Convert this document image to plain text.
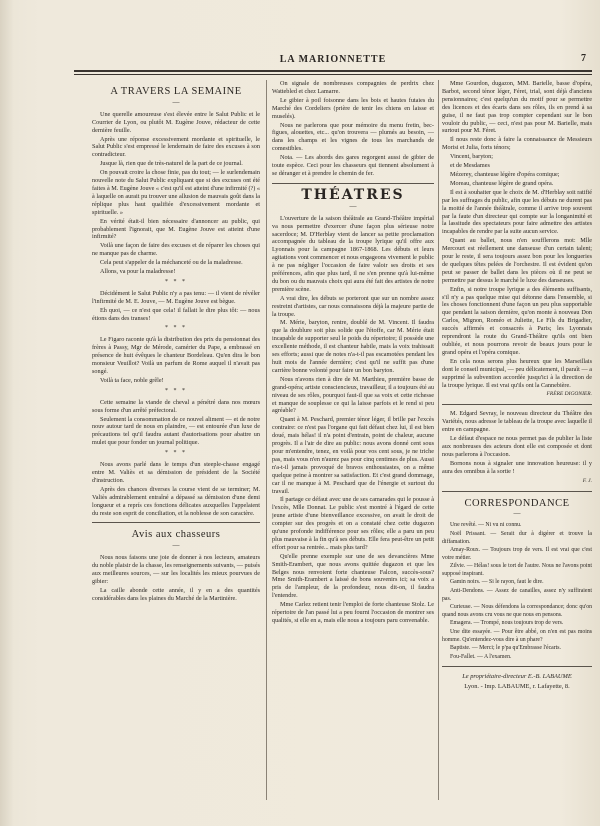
LA MARIONNETTE	7
A TRAVERS LA SEMAINE
—

Une querelle amoureuse s'est élevée entre le Salut Public et le Courrier de Lyon, ou plutôt M. Eugène Jouve, rédacteur de cette dernière feuille.

Après une réponse excessivement mordante et spirituelle, le Salut Public s'est empressé le lendemain de faire des excuses à son contradicteur.

Jusque là, rien que de très-naturel de la part de ce journal.

On pouvait croire la chose finie, pas du tout; — le surlendemain nouvelle note du Salut Public expliquant que si des excuses ont été faites à M. Eugène Jouve « c'est qu'il est atteint d'une infirmité (?) « à laquelle on aurait pu trouver une allusion de mauvais goût dans la réplique plus haut qualifiée d'excessivement mordante et spirituelle. »

En vérité était-il bien nécessaire d'annoncer au public, qui probablement l'ignorait, que M. Eugène Jouve est atteint d'une infirmité?

Voilà une façon de faire des excuses et de réparer les choses qui ne manque pas de charme.

Cela peut s'appeler de la méchanceté ou de la maladresse.

Allons, va pour la maladresse!

* * *

Décidément le Salut Public n'y a pas tenu: — il vient de révéler l'infirmité de M. E. Jouve, — M. Eugène Jouve est bègue.

Eh quoi, — ce n'est que cela! il fallait le dire plus tôt: — nous étions dans des transes!

* * *

Le Figaro raconte qu'à la distribution des prix du pensionnat des frères à Passy, Mgr de Mérode, camérier du Pape, a embrassé en présence de huit évêques le chanteur Bordeleau. Qu'en dira le bon monsieur Veuillot? Voilà un parfum de Rome auquel il n'avait pas songé.

Voilà ta face, noble grêle!

* * *

Cette semaine la viande de cheval a pénétré dans nos mœurs sous forme d'un arrêté préfectoral.

Seulement la consommation de ce nouvel aliment — et de notre nouv autour tard de nous en plaindre, — est entourée d'un luxe de précautions tel qu'il faudra autant d'autorisations pour abattre un mulet que pour fonder un journal politique.

* * *

Nous avons parlé dans le temps d'un steeple-chasse engagé entre M. Valiès et sa démission de président de la Société d'instruction.

Après des chances diverses la course vient de se terminer; M. Valiès admirablement entraîné a dépassé sa démission d'une demi longueur et a reprís ces fonctions délicates auxquelles l'appelaient du reste son esprit de conciliation, et la noblesse de son caractère.

Avis aux chasseurs
—

Nous nous faisons une joie de donner à nos lecteurs, amateurs du noble plaisir de la chasse, les renseignements suivants, — puisés aux meilleures sources, — sur les localités les mieux pourvues de gibier:

La caille abonde cette année, il y en a des quantités considérables dans les plaines du Marché de la Martinière.

On signale de nombreuses compagnies de perdrix chez Wattebled et chez Lamarre.

Le gibier à poil foisonne dans les bois et hautes futaies du Marché des Cordeliers (prière de tenir les chiens en laisse et muselés).

Nous ne parlerons que pour mémoire du menu fretin, bec-figues, alouettes, etc... qu'on trouvera — plumés au besoin, — dans les champs et les vignes de tous les marchands de comestibles.

Nota. — Les abords des gares regorgent aussi de gibier de toute espèce. Ceci pour les chasseurs qui tiennent absolument à se déranger et à prendre le chemin de fer.

THÉATRES
—

L'ouverture de la saison théâtrale au Grand-Théâtre impérial va nous permettre d'exercer d'une façon plus sérieuse notre sacerdoce; M. D'Herblay vient de lancer sa petite proclamation accompagnée du tableau de la troupe lyrique qu'il offre aux Lyonnais pour la campagne 1867-1868. Les débuts et leurs agitations vont commencer et nous engageons vivement le public à ne pas négliger l'occasion de faire valoir ses droits et ses préférences, afin que plus tard, il ne s'en prenne qu'à lui-même du bon ou du mauvais choix qui aura été fait des artistes de notre première scène.

A vrai dire, les débuts se porteront que sur un nombre assez restreint d'artistes, car nous connaissons déjà la majeure partie de la troupe.

M. Mérie, baryton, rentre, doublé de M. Vincent. Il faudra que la doublure soit plus solide que l'étoffe, car M. Mérie était incapable de supporter seul le poids du répertoire; il possède une excellente méthode, il est chanteur habile, mais la voix trahissait ses efforts; aussi que de notes n'a-t-il pas escamotées pendant les huit mois de l'année dernière; c'est qu'il ne suffit pas d'une carrière bonne volonté pour faire un bon baryton.

Nous n'avons rien à dire de M. Marthieu, première basse de grand-opéra; artiste consciencieux, travailleur, il a toujours été au niveau de ses rôles, pourquoi faut-il que sa voix et cette richesse et manque de souplesse ce qui la laisse parfois et le rend si peu agréable?

Quant à M. Peschard, premier ténor léger, il brille par l'excès contraire: ce n'est pas l'organe qui fait défaut chez lui, il est bien doué, mais hélas! il n'a point d'entrain, point de chaleur, aucune progrès. Il a l'air de dire au public: nous avons donné cent sous pour m'entendre, tenez, en voilà pour vos cent sous, je ne triche pas, mais vous n'en n'aurez pas pour cinq centimes de plus. Aussi n'a-t-il jamais provoqué de bravos enthousiastes, on a même quelque peine à montrer sa satisfaction. Et c'est grand dommage, car il ne manque à M. Peschard que de l'énergie et surtout du travail.

Il partage ce défaut avec une de ses camarades qui le pousse à l'excès, Mlle Donnat. Le public s'est montré à l'égard de cette jeune artiste d'une bienveillance excessive, on avait le droit de compter sur des progrès et on a constaté chez cette dugazon qu'une profonde indifférence pour ses rôles; elle a paru un peu plus mauvaise à la fin qu'à ses débuts. Elle fera peut-être un petit effort pour sa rentrée... mais plus tard?

Qu'elle prenne exemple sur une de ses devancières Mme Smith-Erambert, que nous avons quittée dugazon et que les Belges nous renvoient forte chanteuse Falcon, succès-sous? Mme Smith-Erambert a laissé de bons souvenirs ici; sa voix a pris de l'ampleur, de la profondeur, nous dit-on, il faudra l'entendre.

Mme Carlez retient tenir l'emploi de forte chanteuse Stolz. Le répertoire de l'an passé lui a peu fourni l'occasion de montrer ses qualités, si elle en a, mais elle nous a toujours paru convenable.

Mme Gourdon, dugazon, MM. Barielle, basse d'opéra, Barbot, second ténor léger, Féret, trial, sont déjà d'anciens pensionnaires; c'est quelqu'un du motif pour se permettre des licences et des écarts dans ses rôles, ils en prend à sa guise, il ne faut pas trop compter cependant sur le bon vouloir du public, — ceci, n'est pas pour M. Barielle, mais surtout pour M. Féret.

Il nous reste donc à faire la connaissance de Messieurs Morisi et Julia, forts ténors;

Vincent, baryton;

et de Mesdames

Mézerey, chanteuse légère d'opéra comique;

Moreau, chanteuse légère de grand opéra.

Il est à souhaiter que le choix de M. d'Herblay soit ratifié par les suffrages du public, afin que les débuts ne durent pas la moitié de l'année théâtrale, comme il arrive trop souvent par la faute d'un directeur qui compte sur la longanimité et la lassitude des spectateurs pour faire admettre des artistes incapables de rendre par la suite aucun service.

Quant au ballet, nous n'en soufflerons mot: Mlle Mercourt est réellement une danseuse d'un certain talent; pour le reste, il sera toujours assez bon pour les longueries de quelques têtes pelées de l'orchestre. Il est évident qu'on peut se passer de ballet dans les pièces où il ne peut se permettre par dessus le marché le luxe des danseuses.

Enfin, si notre troupe lyrique a des éléments suffisants, s'il n'y a pas quelque mise qui détonne dans l'ensemble, si les choses fonctionnent d'une façon un peu plus supportable que pendant la saison dernière, qu'on monte à nouveau Don Carlos, Mignon, Roméo et Juliette, Le Fils du Brigadier, succès affirmés et consacrés à Paris; les Lyonnais reprendront la route du Grand-Théâtre qu'ils ont bien oubliée, et nous pourrons revoir de beaux jours pour le grand opéra et l'opéra comique.

En cela nous serons plus heureux que les Marseillais dont le conseil municipal, — peu délicatement, il paraît — a supprimé la subvention accordée jusqu'ici à la direction de la troupe lyrique. Il est vrai qu'ils ont la Cannebière.

FRÈRE DIGONIER.

M. Edgard Sevray, le nouveau directeur du Théâtre des Variétés, nous adresse le tableau de la troupe avec laquelle il entre en campagne.

Le défaut d'espace ne nous permet pas de publier la liste aux nonbreuses des acteurs dont elle est composée et dont nous parlerons à l'occasion.

Bornons nous à signaler une innovation heureuse: il y aura des omnibus à la sortie !

F. J.
CORRESPONDANCE
—
Une revêté. — Ni vu ni connu.
Noël Prissant. — Serait dur à digérer et trouve la diffamation.
Amay-Roux. — Toujours trop de vers. Il est vrai que c'est votre métier.
Zilvie. — Hélas! sous le tort de l'autre. Nous ne l'avons point supposé inspirant.
Gamin noirs. — Si le rayon, faut le dire.
Anti-Dendons. — Assez de canailles, assez n'y suffiraient pas.
Curieuse. — Nous défendons la correspondance; donc qu'on quand nous avons cru vous ne que nous en pensons.
Emagera. — Trompé, nous toujours trop de vers.
Une dite essayée. — Pour être abbé, on n'en est pas moins homme. Qu'entendez-vous dire à un phare?
Baptiste. — Merci; le p'pa qu'Embrasse l'écarts.
Fou-Fallet. — A l'examen.
Le propriétaire-directeur E.-B. LABAUME
Lyon. - Imp. LABAUME, r. Lafayette, 8.
